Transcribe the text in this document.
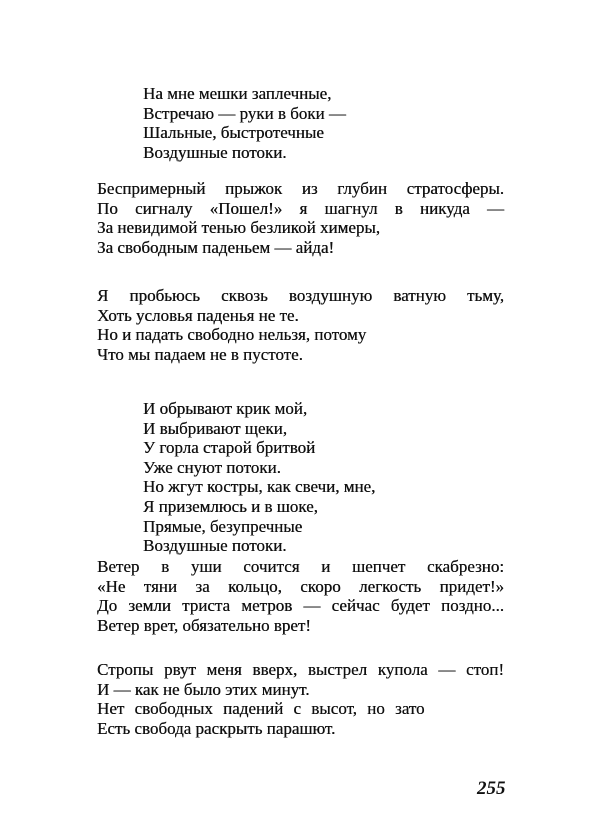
На мне мешки заплечные,
Встречаю — руки в боки —
Шальные, быстротечные
Воздушные потоки.
Беспримерный прыжок из глубин стратосферы.
По сигналу «Пошел!» я шагнул в никуда —
За невидимой тенью безликой химеры,
За свободным паденьем — айда!
Я пробьюсь сквозь воздушную ватную тьму,
Хоть условья паденья не те.
Но и падать свободно нельзя, потому
Что мы падаем не в пустоте.
И обрывают крик мой,
И выбривают щеки,
У горла старой бритвой
Уже снуют потоки.
Но жгут костры, как свечи, мне,
Я приземлюсь и в шоке,
Прямые, безупречные
Воздушные потоки.
Ветер в уши сочится и шепчет скабрезно:
«Не тяни за кольцо, скоро легкость придет!»
До земли триста метров — сейчас будет поздно...
Ветер врет, обязательно врет!
Стропы рвут меня вверх, выстрел купола — стоп!
И — как не было этих минут.
Нет свободных падений с высот, но зато
Есть свобода раскрыть парашют.
255
